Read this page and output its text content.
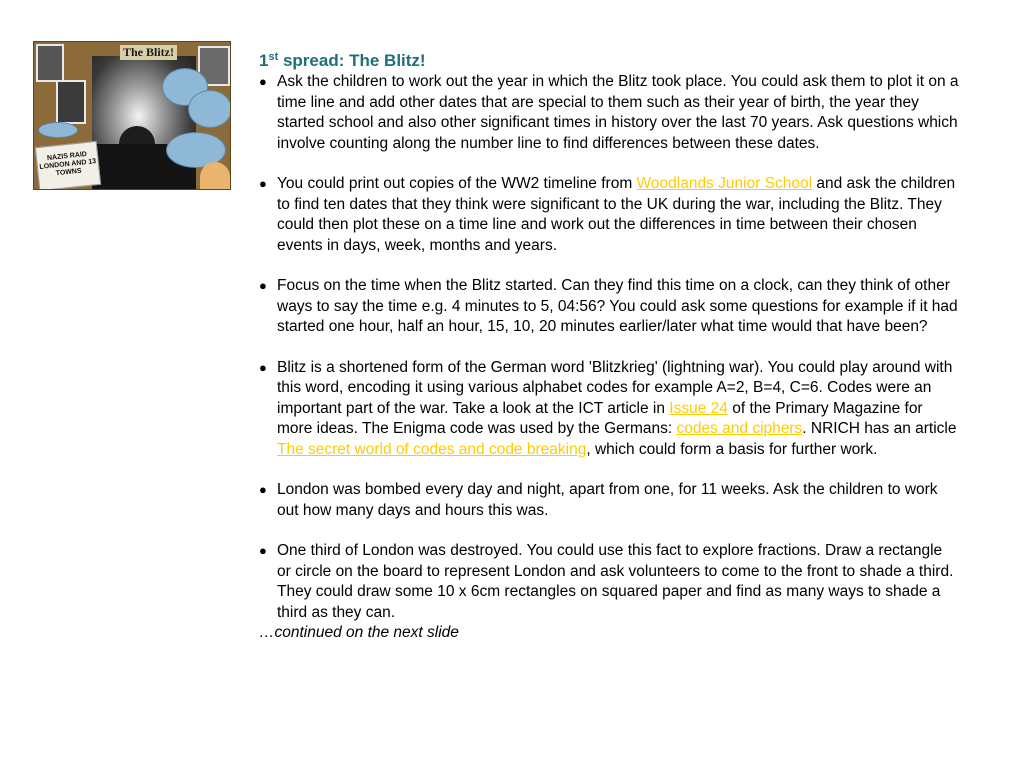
NAZIS RAID LONDON AND 13 TOWNS
The Blitz!	1st spread: The Blitz!
● Ask the children to work out the year in which the Blitz took place. You could ask them to plot it on a time line and add other dates that are special to them such as their year of birth, the year they started school and also other significant times in history over the last 70 years. Ask questions which involve counting along the number line to find differences between these dates.
● You could print out copies of the WW2 timeline from Woodlands Junior School and ask the children to find ten dates that they think were significant to the UK during the war, including the Blitz. They could then plot these on a time line and work out the differences in time between their chosen events in days, week, months and years.
● Focus on the time when the Blitz started. Can they find this time on a clock, can they think of other ways to say the time e.g. 4 minutes to 5, 04:56? You could ask some questions for example if it had started one hour, half an hour, 15, 10, 20 minutes earlier/later what time would that have been?
● Blitz is a shortened form of the German word 'Blitzkrieg' (lightning war). You could play around with this word, encoding it using various alphabet codes for example A=2, B=4, C=6. Codes were an important part of the war. Take a look at the ICT article in Issue 24 of the Primary Magazine for more ideas. The Enigma code was used by the Germans: codes and ciphers. NRICH has an article The secret world of codes and code breaking, which could form a basis for further work.
● London was bombed every day and night, apart from one, for 11 weeks. Ask the children to work out how many days and hours this was.
● One third of London was destroyed. You could use this fact to explore fractions. Draw a rectangle or circle on the board to represent London and ask volunteers to come to the front to shade a third. They could draw some 10 x 6cm rectangles on squared paper and find as many ways to shade a third as they can.
…continued on the next slide
